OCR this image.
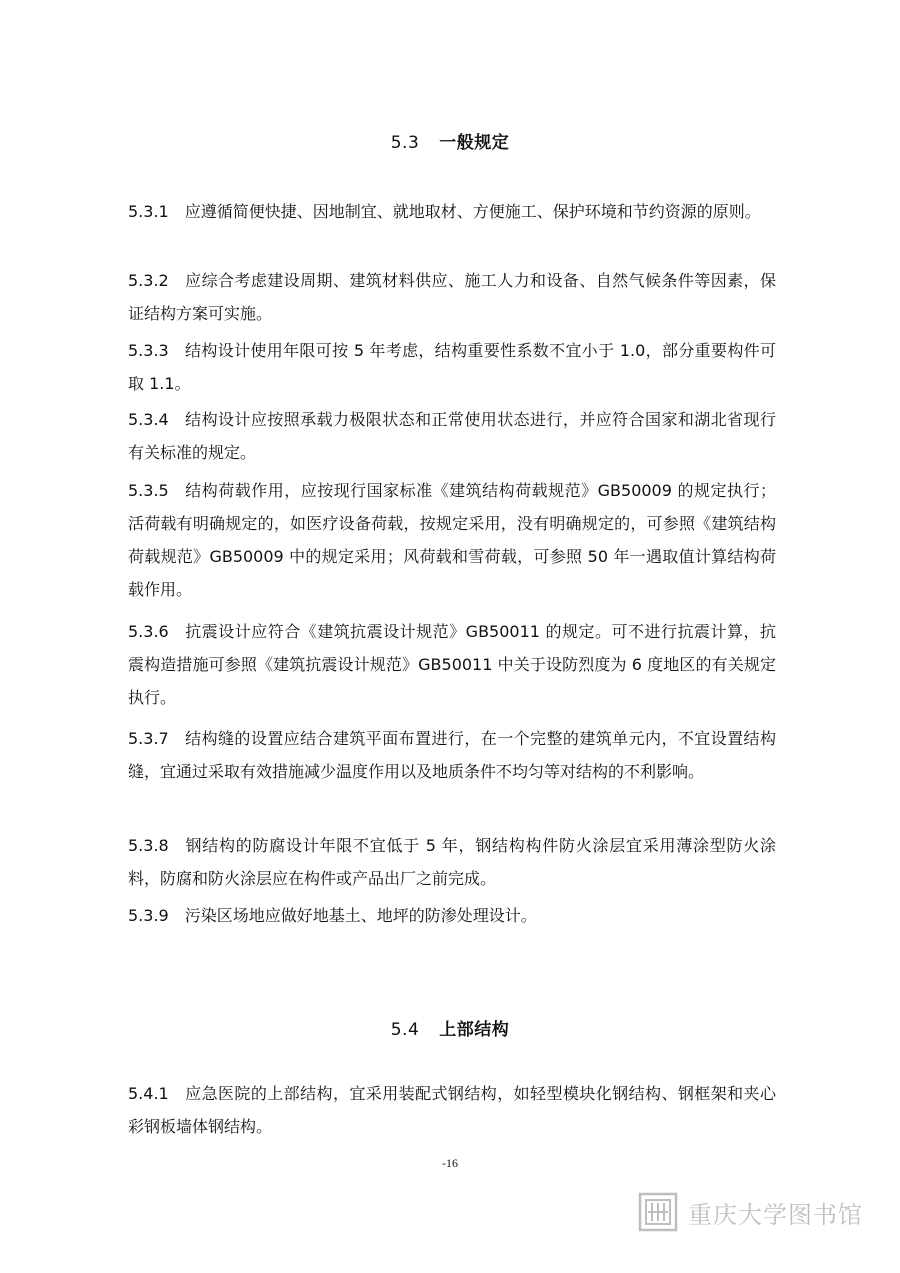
5.3 一般规定
5.3.1 应遵循简便快捷、因地制宜、就地取材、方便施工、保护环境和节约资源的原则。
5.3.2 应综合考虑建设周期、建筑材料供应、施工人力和设备、自然气候条件等因素，保证结构方案可实施。
5.3.3 结构设计使用年限可按 5 年考虑，结构重要性系数不宜小于 1.0，部分重要构件可取 1.1。
5.3.4 结构设计应按照承载力极限状态和正常使用状态进行，并应符合国家和湖北省现行有关标准的规定。
5.3.5 结构荷载作用，应按现行国家标准《建筑结构荷载规范》GB50009 的规定执行；活荷载有明确规定的，如医疗设备荷载，按规定采用，没有明确规定的，可参照《建筑结构荷载规范》GB50009 中的规定采用；风荷载和雪荷载，可参照 50 年一遇取值计算结构荷载作用。
5.3.6 抗震设计应符合《建筑抗震设计规范》GB50011 的规定。可不进行抗震计算，抗震构造措施可参照《建筑抗震设计规范》GB50011 中关于设防烈度为 6 度地区的有关规定执行。
5.3.7 结构缝的设置应结合建筑平面布置进行，在一个完整的建筑单元内，不宜设置结构缝，宜通过采取有效措施减少温度作用以及地质条件不均匀等对结构的不利影响。
5.3.8 钢结构的防腐设计年限不宜低于 5 年，钢结构构件防火涂层宜采用薄涂型防火涂料，防腐和防火涂层应在构件或产品出厂之前完成。
5.3.9 污染区场地应做好地基土、地坪的防渗处理设计。
5.4 上部结构
5.4.1 应急医院的上部结构，宜采用装配式钢结构，如轻型模块化钢结构、钢框架和夹心彩钢板墙体钢结构。
-16
重庆大学图书馆
